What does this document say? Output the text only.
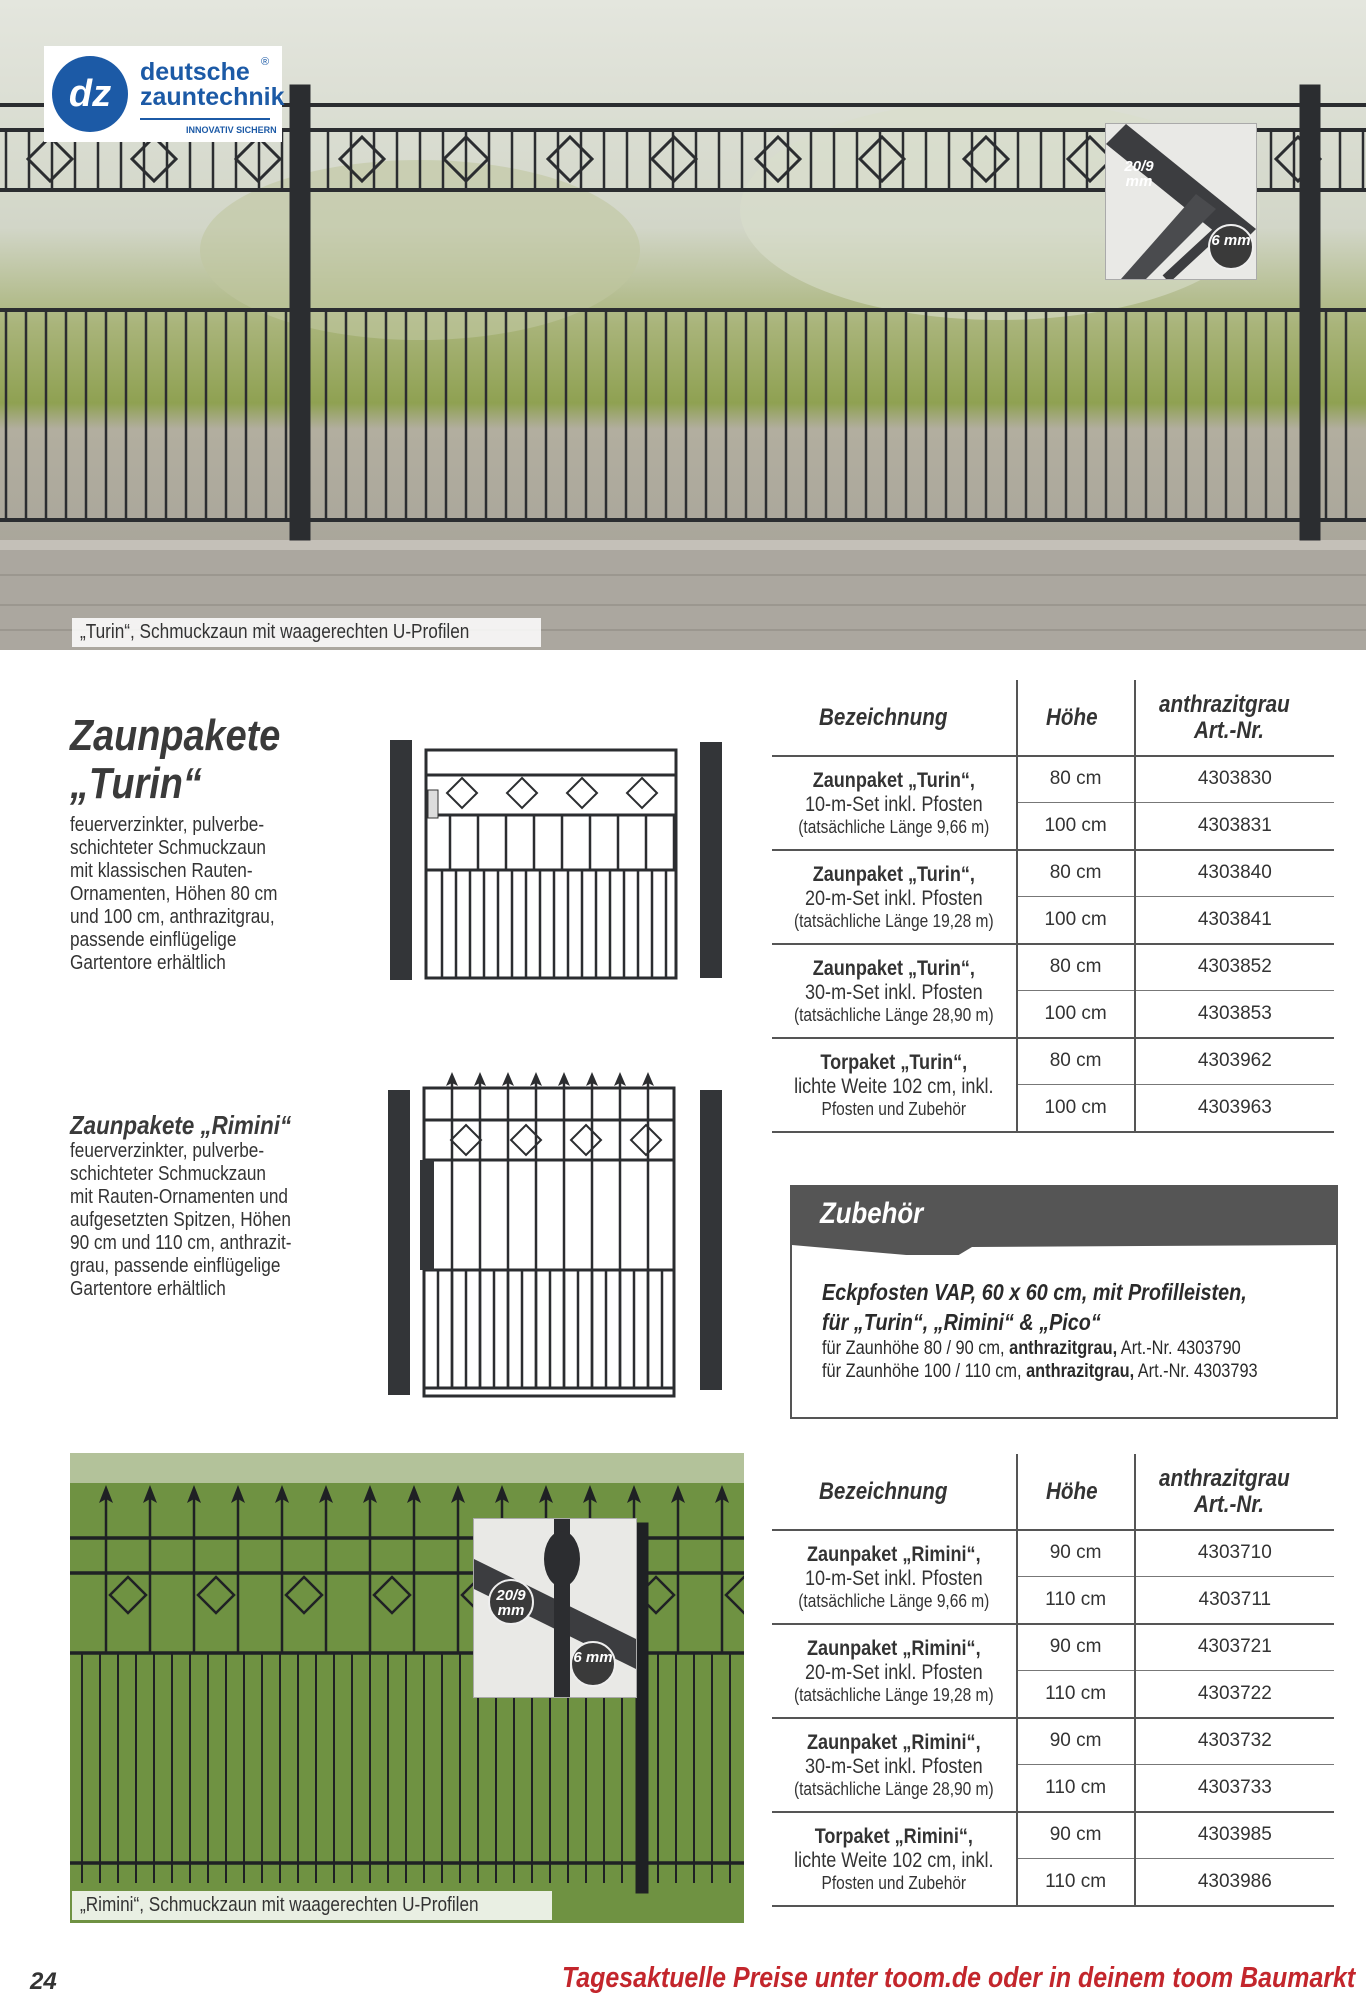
dz
deutsche
zauntechnik
®
INNOVATIV SICHERN
20/9 mm
6 mm
„Turin“, Schmuckzaun mit waagerechten U-Profilen
Zaunpakete
„Turin“
feuerverzinkter, pulverbe-
schichteter Schmuckzaun
mit klassischen Rauten-
Ornamenten, Höhen 80 cm
und 100 cm, anthrazitgrau,
passende einflügelige
Gartentore erhältlich
Zaunpakete „Rimini“
feuerverzinkter, pulverbe-
schichteter Schmuckzaun
mit Rauten-Ornamenten und
aufgesetzten Spitzen, Höhen
90 cm und 110 cm, anthrazit-
grau, passende einflügelige
Gartentore erhältlich
Bezeichnung	Höhe	anthrazitgrau
Art.-Nr.

Zaunpaket „Turin“,
10-m-Set inkl. Pfosten
(tatsächliche Länge 9,66 m)	80 cm	4303830
	100 cm	4303831

Zaunpaket „Turin“,
20-m-Set inkl. Pfosten
(tatsächliche Länge 19,28 m)	80 cm	4303840
	100 cm	4303841

Zaunpaket „Turin“,
30-m-Set inkl. Pfosten
(tatsächliche Länge 28,90 m)	80 cm	4303852
	100 cm	4303853

Torpaket „Turin“,
lichte Weite 102 cm, inkl.
Pfosten und Zubehör	80 cm	4303962
	100 cm	4303963
Zubehör
Eckpfosten VAP, 60 x 60 cm, mit Profilleisten,
für „Turin“, „Rimini“ & „Pico“
für Zaunhöhe 80 / 90 cm, anthrazitgrau, Art.-Nr. 4303790
für Zaunhöhe 100 / 110 cm, anthrazitgrau, Art.-Nr. 4303793
20/9 mm
6 mm
„Rimini“, Schmuckzaun mit waagerechten U-Profilen
Bezeichnung	Höhe	anthrazitgrau
Art.-Nr.

Zaunpaket „Rimini“,
10-m-Set inkl. Pfosten
(tatsächliche Länge 9,66 m)	90 cm	4303710
	110 cm	4303711

Zaunpaket „Rimini“,
20-m-Set inkl. Pfosten
(tatsächliche Länge 19,28 m)	90 cm	4303721
	110 cm	4303722

Zaunpaket „Rimini“,
30-m-Set inkl. Pfosten
(tatsächliche Länge 28,90 m)	90 cm	4303732
	110 cm	4303733

Torpaket „Rimini“,
lichte Weite 102 cm, inkl.
Pfosten und Zubehör	90 cm	4303985
	110 cm	4303986
24	Tagesaktuelle Preise unter toom.de oder in deinem toom Baumarkt
